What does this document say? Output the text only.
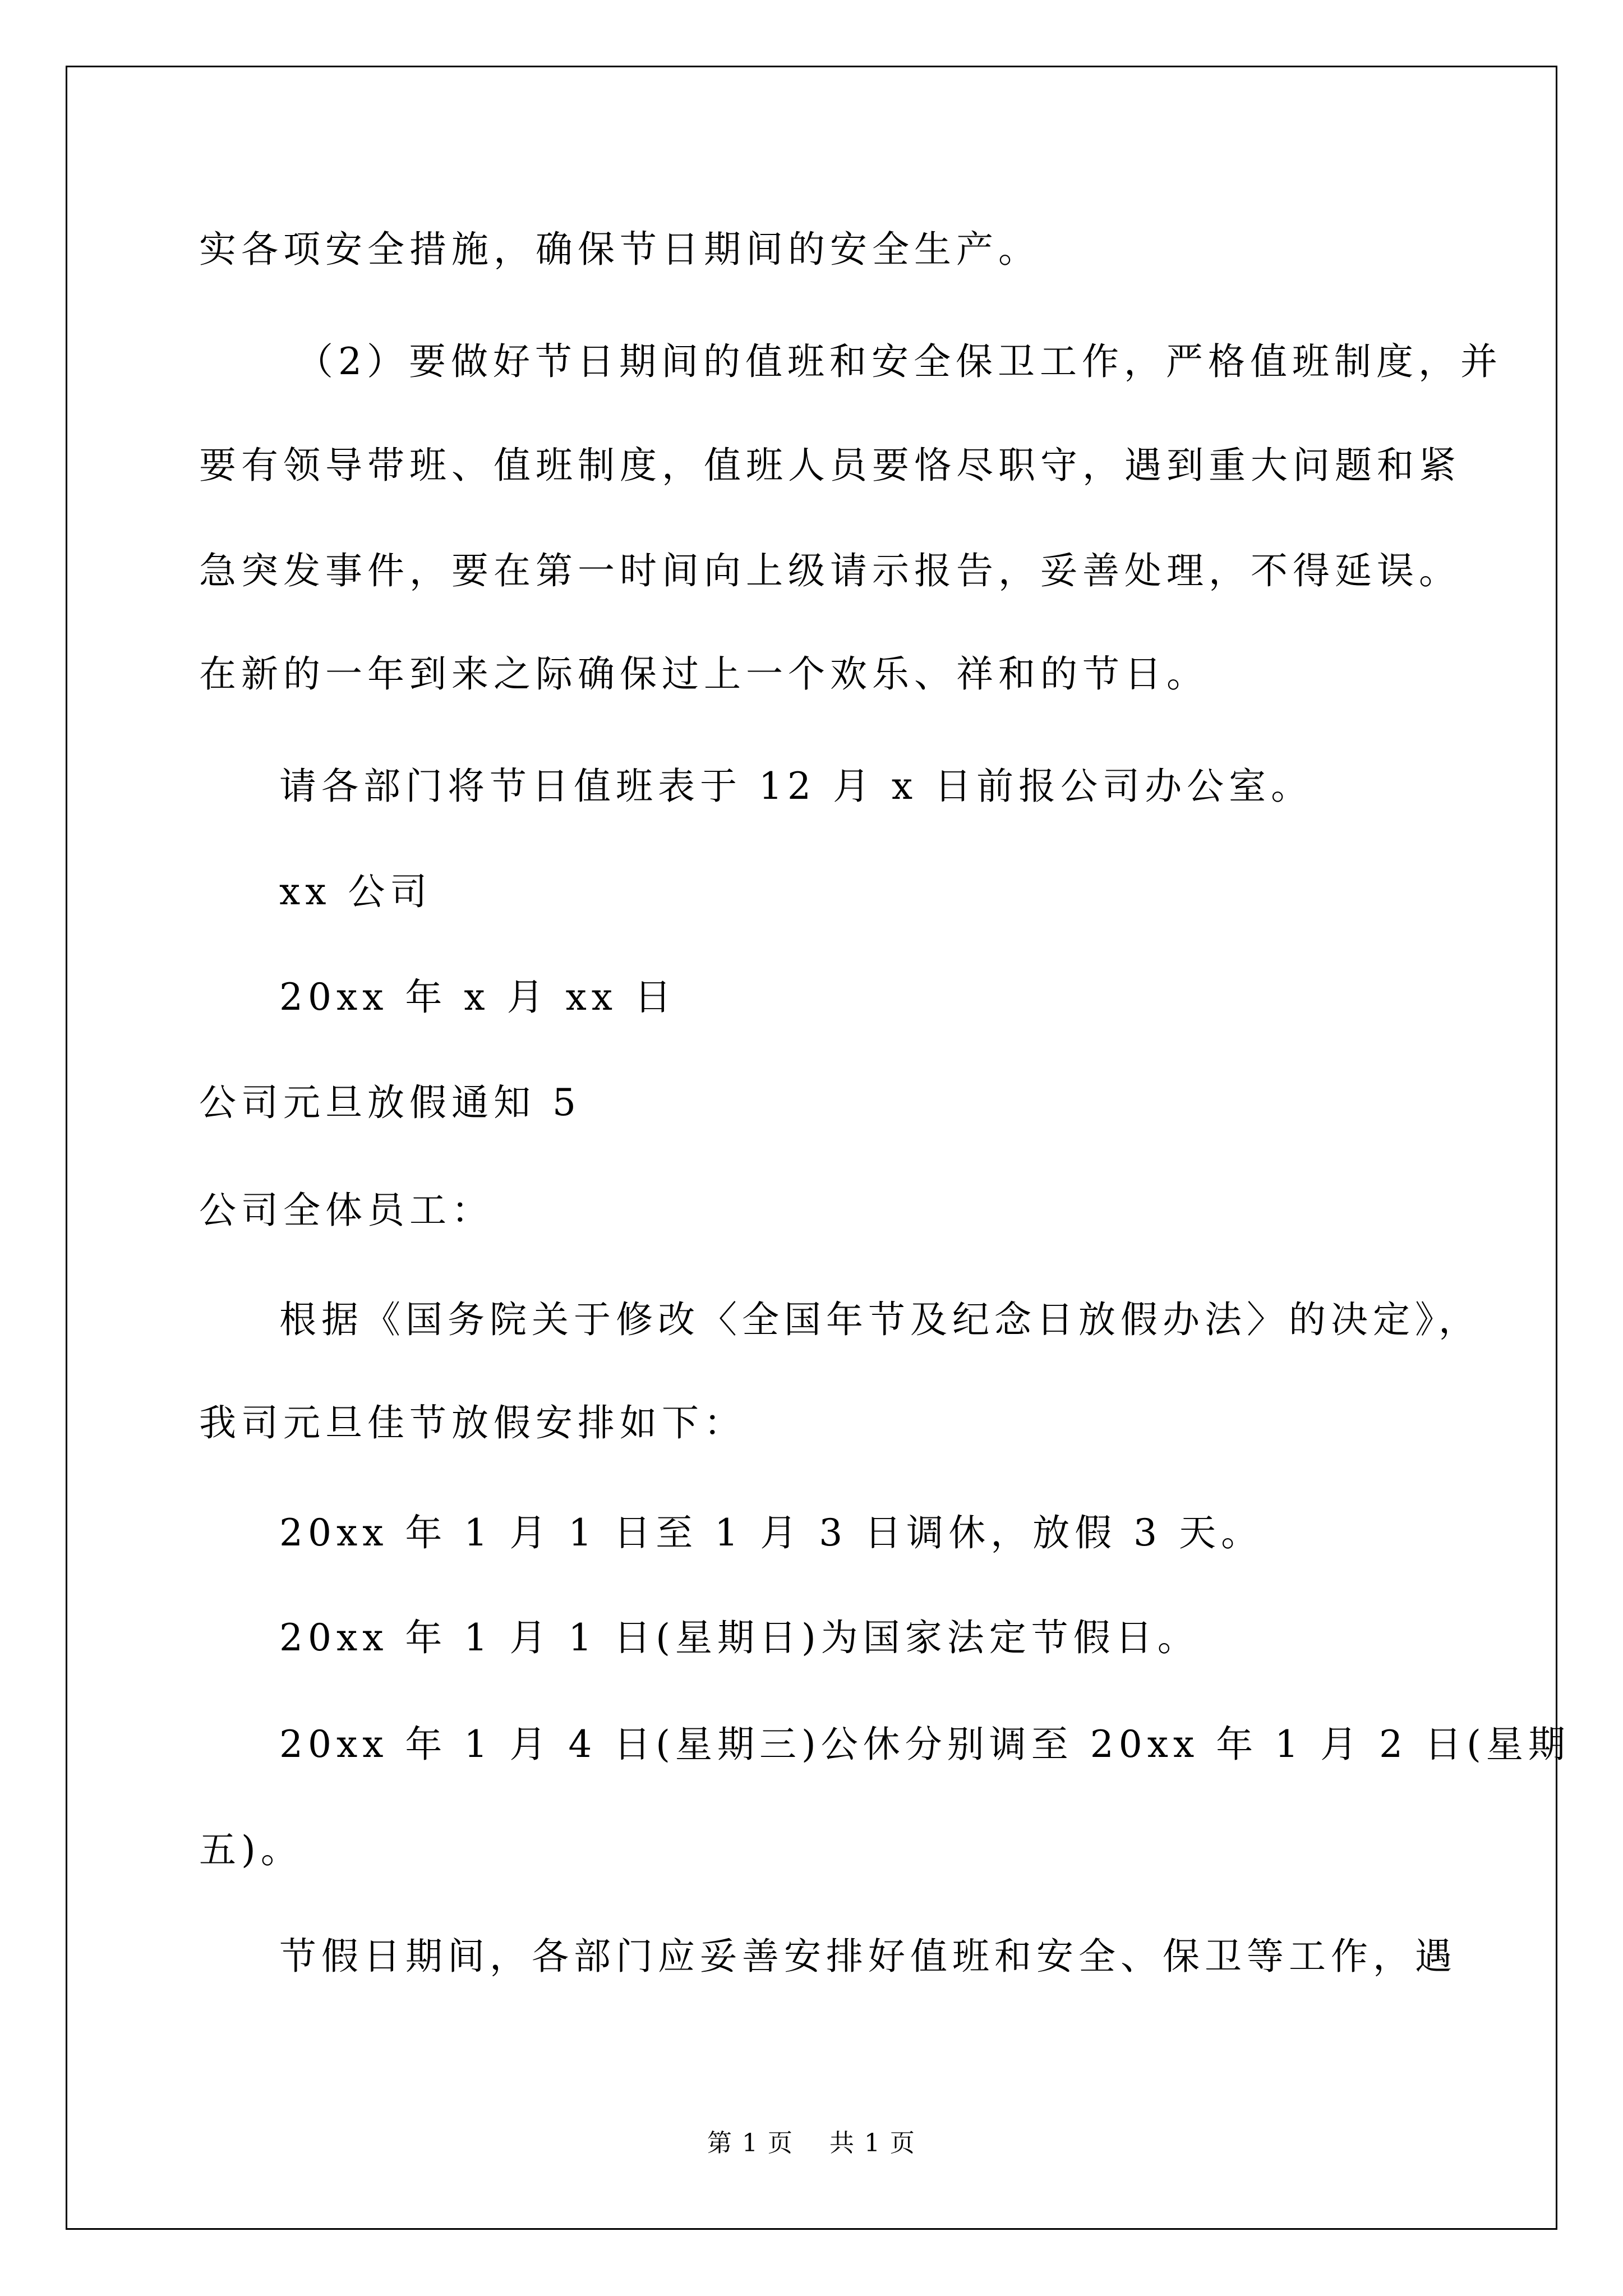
实各项安全措施，确保节日期间的安全生产。
（2）要做好节日期间的值班和安全保卫工作，严格值班制度，并
要有领导带班、值班制度，值班人员要恪尽职守，遇到重大问题和紧
急突发事件，要在第一时间向上级请示报告，妥善处理，不得延误。
在新的一年到来之际确保过上一个欢乐、祥和的节日。
请各部门将节日值班表于 12 月 x 日前报公司办公室。
xx 公司
20xx 年 x 月 xx 日
公司元旦放假通知 5
公司全体员工：
根据《国务院关于修改〈全国年节及纪念日放假办法〉的决定》，
我司元旦佳节放假安排如下：
20xx 年 1 月 1 日至 1 月 3 日调休，放假 3 天。
20xx 年 1 月 1 日(星期日)为国家法定节假日。
20xx 年 1 月 4 日(星期三)公休分别调至 20xx 年 1 月 2 日(星期
五)。
节假日期间，各部门应妥善安排好值班和安全、保卫等工作，遇
第 1 页 共 1 页
